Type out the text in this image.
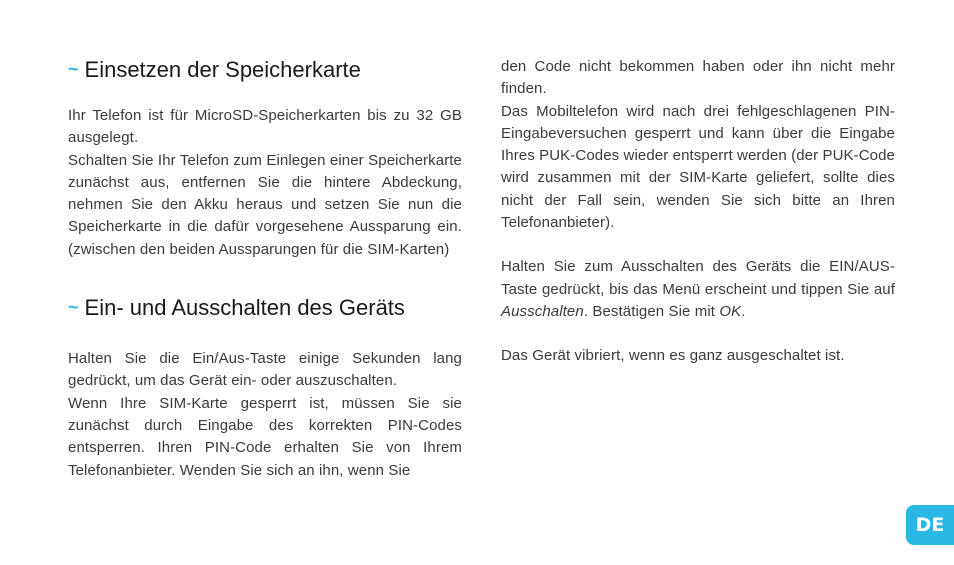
~ Einsetzen der Speicherkarte

Ihr Telefon ist für MicroSD-Speicherkarten bis zu 32 GB ausgelegt.

Schalten Sie Ihr Telefon zum Einlegen einer Speicherkarte zunächst aus, entfernen Sie die hintere Abdeckung, nehmen Sie den Akku heraus und setzen Sie nun die Speicherkarte in die dafür vorgesehene Aussparung ein. (zwischen den beiden Aussparungen für die SIM-Karten)

~ Ein- und Ausschalten des Geräts

Halten Sie die Ein/Aus-Taste einige Sekunden lang gedrückt, um das Gerät ein- oder auszuschalten.

Wenn Ihre SIM-Karte gesperrt ist, müssen Sie sie zunächst durch Eingabe des korrekten PIN-Codes entsperren. Ihren PIN-Code erhalten Sie von Ihrem Telefonanbieter. Wenden Sie sich an ihn, wenn Sie

den Code nicht bekommen haben oder ihn nicht mehr finden.

Das Mobiltelefon wird nach drei fehlgeschlagenen PIN-Eingabeversuchen gesperrt und kann über die Eingabe Ihres PUK-Codes wieder entsperrt werden (der PUK-Code wird zusammen mit der SIM-Karte geliefert, sollte dies nicht der Fall sein, wenden Sie sich bitte an Ihren Telefonanbieter).

Halten Sie zum Ausschalten des Geräts die EIN/AUS-Taste gedrückt, bis das Menü erscheint und tippen Sie auf Ausschalten. Bestätigen Sie mit OK.

Das Gerät vibriert, wenn es ganz ausgeschaltet ist.

DE
